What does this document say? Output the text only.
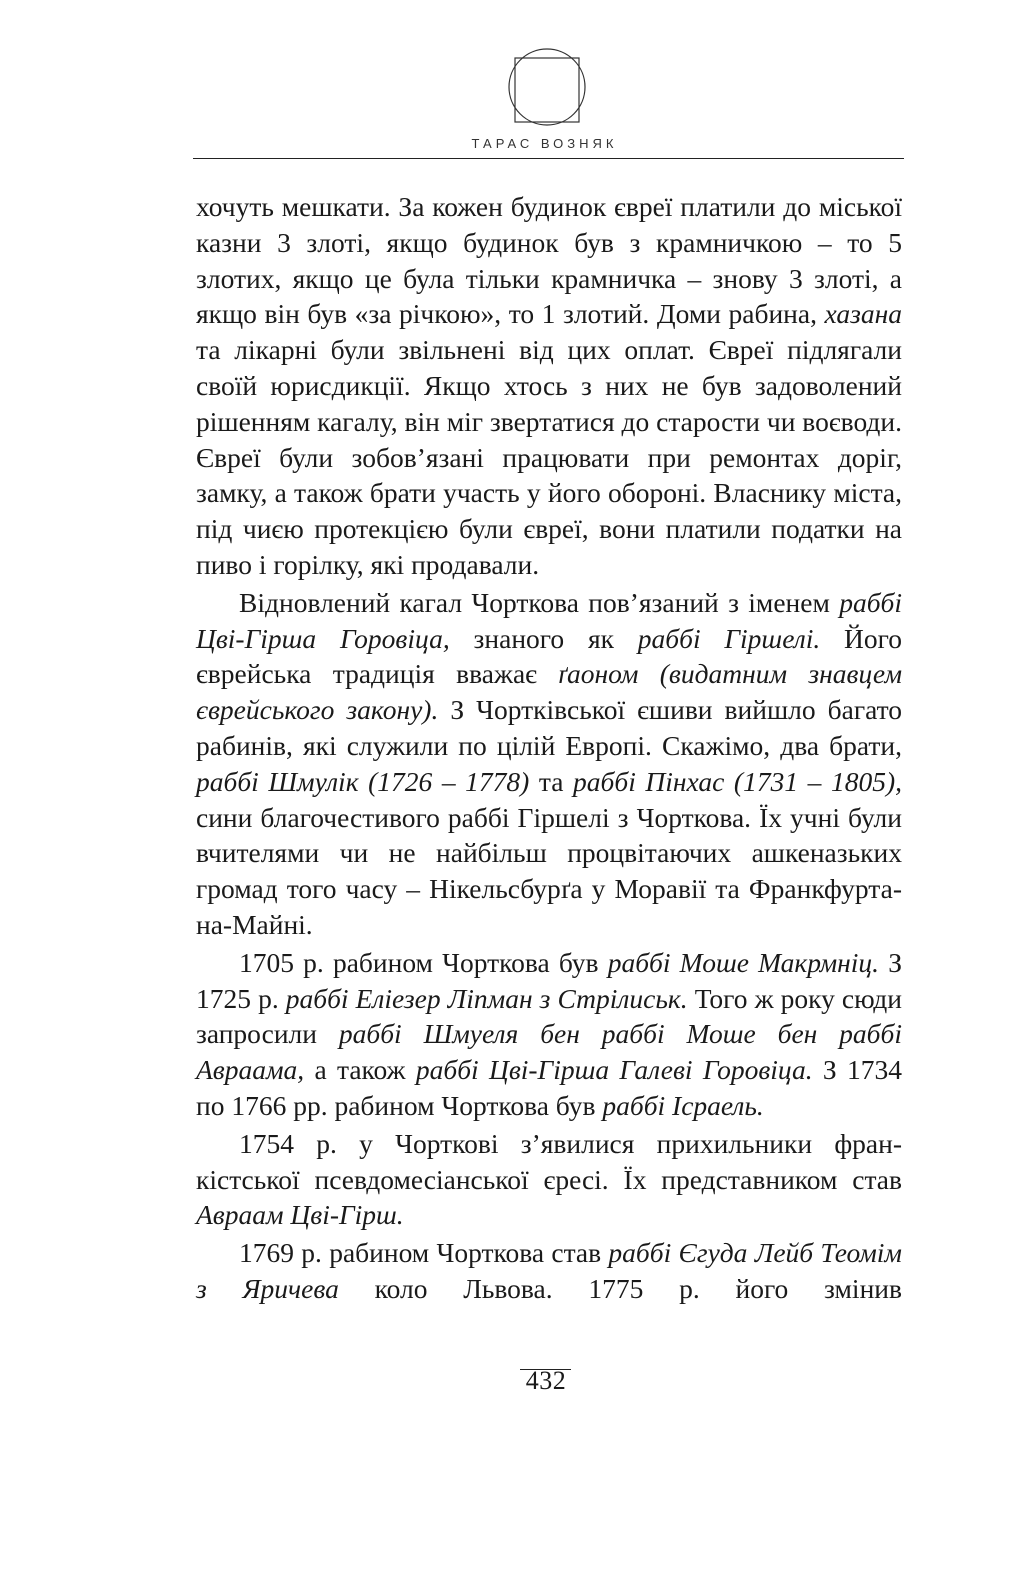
ТАРАС ВОЗНЯК

хочуть мешкати. За кожен будинок євреї платили до міської казни 3 злоті, якщо будинок був з крамничкою – то 5 злотих, якщо це була тільки крамничка – знову 3 злоті, а якщо він був «за річкою», то 1 злотий. Доми рабина, хазана та лікарні були звільнені від цих оплат. Євреї підлягали своїй юрисдикції. Якщо хтось з них не був задоволений рішенням кагалу, він міг звертатися до старости чи воєводи. Євреї були зобов’язані працювати при ремонтах доріг, замку, а також брати участь у його обороні. Власнику міста, під чиєю протекцією були євреї, вони платили податки на пиво і горілку, які продавали.

Відновлений кагал Чорткова пов’язаний з іменем раббі Цві-Гірша Горовіца, знаного як раббі Гіршелі. Його єврейська традиція вважає ґаоном (видатним знавцем єврейського закону). З Чортківської єшиви вийшло багато рабинів, які служили по цілій Европі. Скажімо, два брати, раббі Шмулік (1726 – 1778) та раббі Пінхас (1731 – 1805), сини благочестивого раббі Гіршелі з Чорткова. Їх учні були вчителями чи не найбільш процвітаючих ашкеназьких громад того часу – Нікельсбурґа у Моравії та Франкфурта-на-Майні.

1705 р. рабином Чорткова був раббі Моше Макрмніц. З 1725 р. раббі Еліезер Ліпман з Стрілиськ. Того ж року сюди запросили раббі Шмуеля бен раббі Моше бен раббі Авраама, а також раббі Цві-Гірша Галеві Горовіца. З 1734 по 1766 рр. рабином Чорткова був раббі Ісраель.

1754 р. у Чорткові з’явилися прихильники франкістської псевдомесіанської єресі. Їх представником став Авраам Цві-Гірш.

1769 р. рабином Чорткова став раббі Єгуда Лейб Теомім з Яричева коло Львова. 1775 р. його змінив

432
